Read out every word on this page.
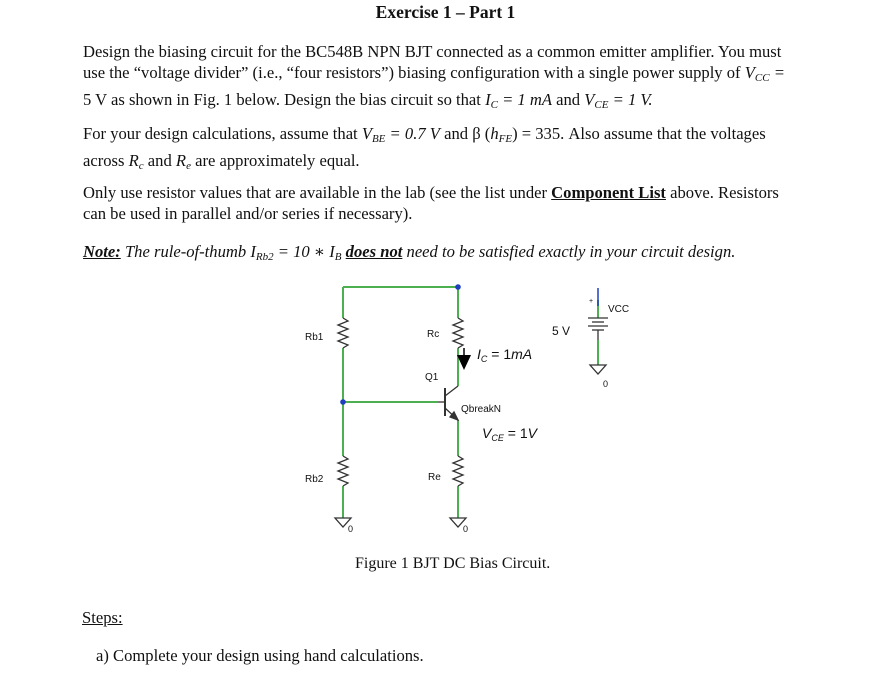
Exercise 1 – Part 1
Design the biasing circuit for the BC548B NPN BJT connected as a common emitter amplifier. You must
use the “voltage divider” (i.e., “four resistors”) biasing configuration with a single power supply of $V_{CC}$ =
5 V as shown in Fig. 1 below. Design the bias circuit so that $I_C = 1$ mA and $V_{CE} = 1$ V.
For your design calculations, assume that $V_{BE} = 0.7$ V and β $(h_{FE}) = 335$. Also assume that the voltages
across $R_c$ and $R_e$ are approximately equal.
Only use resistor values that are available in the lab (see the list under Component List above. Resistors
can be used in parallel and/or series if necessary).
Note: The rule-of-thumb $I_{Rb2} = 10$ ∗ $I_B$ does not need to be satisfied exactly in your circuit design.
Rb1
Rb2
Rc
Re
Q1
QbreakN
VCC
+
0
0	0
5 V
$I_C = 1mA$
$V_{CE} = 1V$
Figure 1 BJT DC Bias Circuit.
Steps:
a) Complete your design using hand calculations.
